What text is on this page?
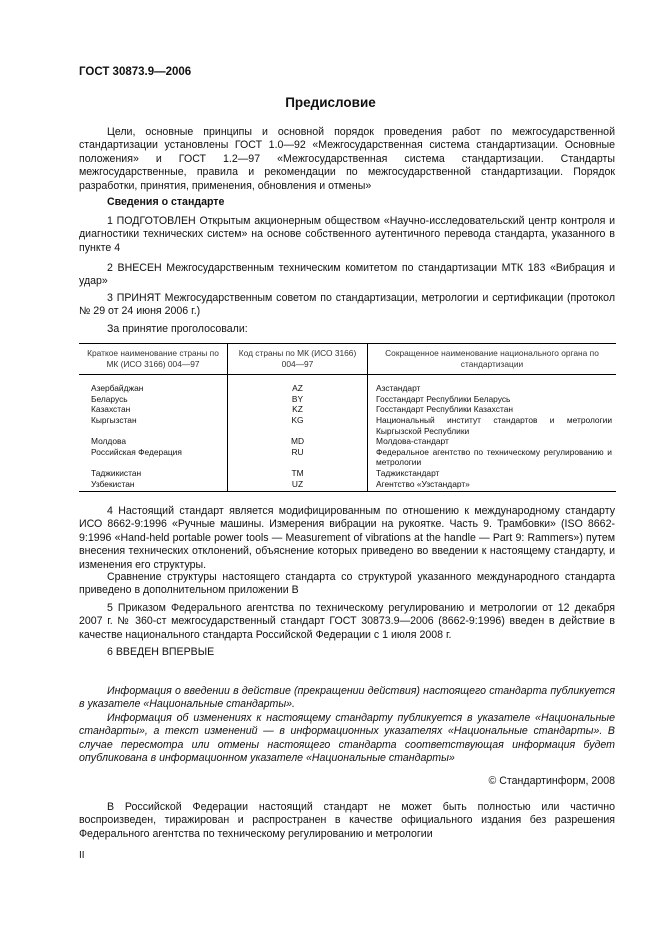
ГОСТ 30873.9—2006
Предисловие
Цели, основные принципы и основной порядок проведения работ по межгосударственной стандартизации установлены ГОСТ 1.0—92 «Межгосударственная система стандартизации. Основные положения» и ГОСТ 1.2—97 «Межгосударственная система стандартизации. Стандарты межгосударственные, правила и рекомендации по межгосударственной стандартизации. Порядок разработки, принятия, применения, обновления и отмены»
Сведения о стандарте
1 ПОДГОТОВЛЕН Открытым акционерным обществом «Научно-исследовательский центр контроля и диагностики технических систем» на основе собственного аутентичного перевода стандарта, указанного в пункте 4
2 ВНЕСЕН Межгосударственным техническим комитетом по стандартизации МТК 183 «Вибрация и удар»
3 ПРИНЯТ Межгосударственным советом по стандартизации, метрологии и сертификации (протокол № 29 от 24 июня 2006 г.)
За принятие проголосовали:
Краткое наименование страны по МК (ИСО 3166) 004—97	Код страны по МК (ИСО 3166) 004—97	Сокращенное наименование национального органа по стандартизации
Азербайджан	AZ	Азстандарт
Беларусь	BY	Госстандарт Республики Беларусь
Казахстан	KZ	Госстандарт Республики Казахстан
Кыргызстан	KG	Национальный институт стандартов и метрологии Кыргызской Республики
Молдова	MD	Молдова-стандарт
Российская Федерация	RU	Федеральное агентство по техническому регулированию и метрологии
Таджикистан	TM	Таджикстандарт
Узбекистан	UZ	Агентство «Узстандарт»
4 Настоящий стандарт является модифицированным по отношению к международному стандарту ИСО 8662-9:1996 «Ручные машины. Измерения вибрации на рукоятке. Часть 9. Трамбовки» (ISO 8662-9:1996 «Hand-held portable power tools — Measurement of vibrations at the handle — Part 9: Rammers») путем внесения технических отклонений, объяснение которых приведено во введении к настоящему стандарту, и изменения его структуры.
Сравнение структуры настоящего стандарта со структурой указанного международного стандарта приведено в дополнительном приложении В
5 Приказом Федерального агентства по техническому регулированию и метрологии от 12 декабря 2007 г. № 360-ст межгосударственный стандарт ГОСТ 30873.9—2006 (8662-9:1996) введен в действие в качестве национального стандарта Российской Федерации с 1 июля 2008 г.
6 ВВЕДЕН ВПЕРВЫЕ
Информация о введении в действие (прекращении действия) настоящего стандарта публикуется в указателе «Национальные стандарты».
Информация об изменениях к настоящему стандарту публикуется в указателе «Национальные стандарты», а текст изменений — в информационных указателях «Национальные стандарты». В случае пересмотра или отмены настоящего стандарта соответствующая информация будет опубликована в информационном указателе «Национальные стандарты»
© Стандартинформ, 2008
В Российской Федерации настоящий стандарт не может быть полностью или частично воспроизведен, тиражирован и распространен в качестве официального издания без разрешения Федерального агентства по техническому регулированию и метрологии
II
